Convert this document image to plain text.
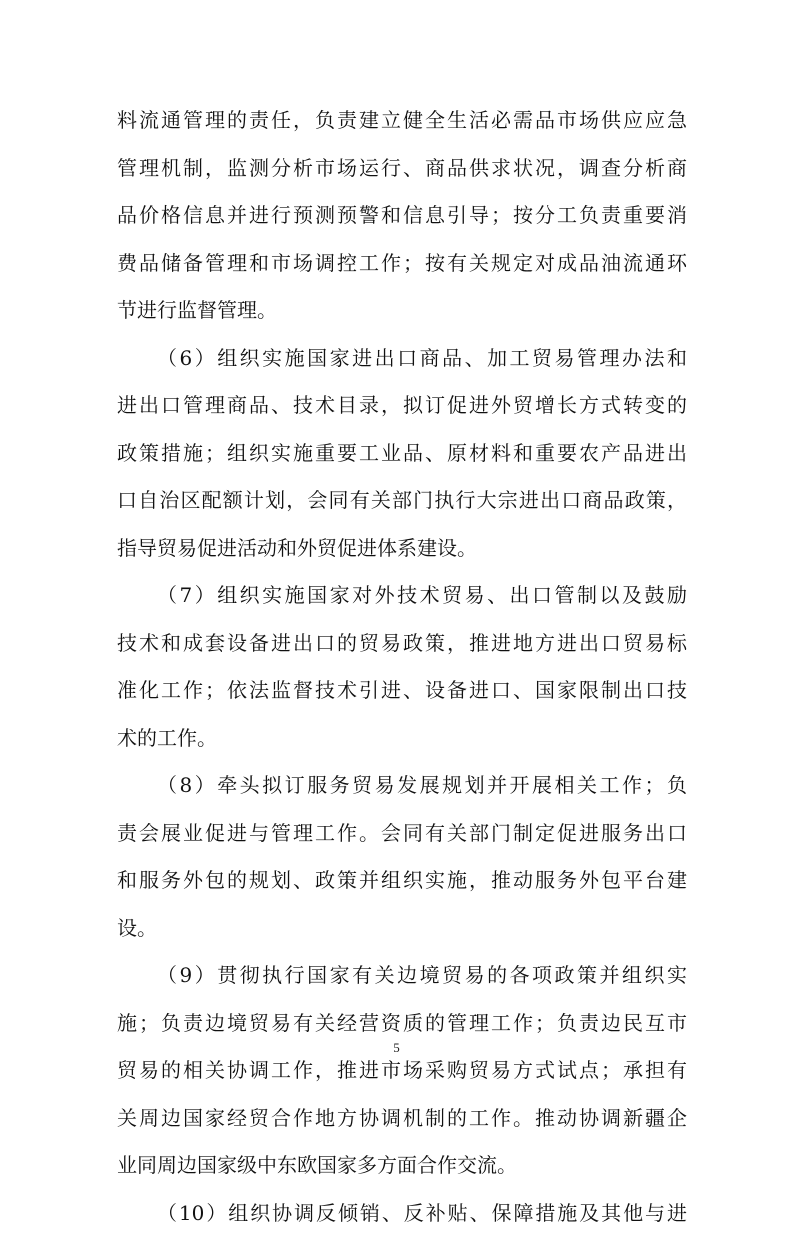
料流通管理的责任，负责建立健全生活必需品市场供应应急
管理机制，监测分析市场运行、商品供求状况，调查分析商
品价格信息并进行预测预警和信息引导；按分工负责重要消
费品储备管理和市场调控工作；按有关规定对成品油流通环
节进行监督管理。
（6）组织实施国家进出口商品、加工贸易管理办法和
进出口管理商品、技术目录，拟订促进外贸增长方式转变的
政策措施；组织实施重要工业品、原材料和重要农产品进出
口自治区配额计划，会同有关部门执行大宗进出口商品政策，
指导贸易促进活动和外贸促进体系建设。
（7）组织实施国家对外技术贸易、出口管制以及鼓励
技术和成套设备进出口的贸易政策，推进地方进出口贸易标
准化工作；依法监督技术引进、设备进口、国家限制出口技
术的工作。
（8）牵头拟订服务贸易发展规划并开展相关工作；负
责会展业促进与管理工作。会同有关部门制定促进服务出口
和服务外包的规划、政策并组织实施，推动服务外包平台建
设。
（9）贯彻执行国家有关边境贸易的各项政策并组织实
施；负责边境贸易有关经营资质的管理工作；负责边民互市
贸易的相关协调工作，推进市场采购贸易方式试点；承担有
关周边国家经贸合作地方协调机制的工作。推动协调新疆企
业同周边国家级中东欧国家多方面合作交流。
（10）组织协调反倾销、反补贴、保障措施及其他与进
5
